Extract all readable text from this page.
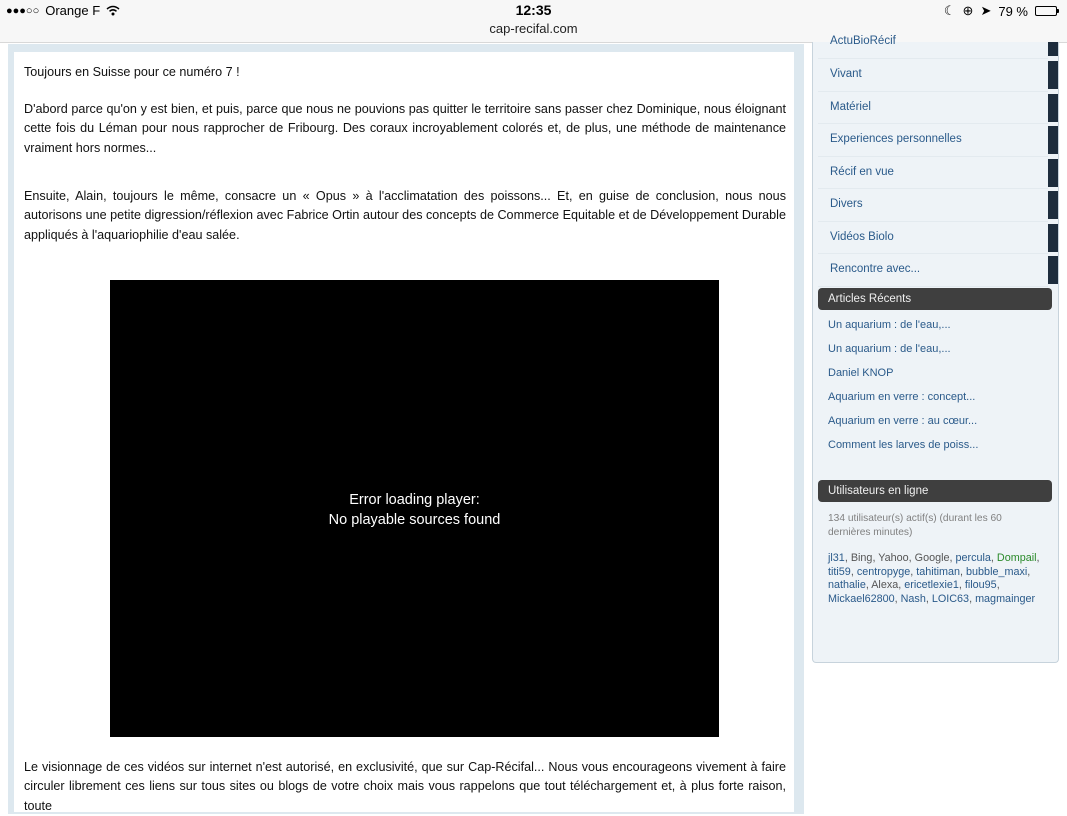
●●●○○ Orange F	12:35
cap-recifal.com
☾ ⊕ ➤ 79 %

Toujours en Suisse pour ce numéro 7 !

D'abord parce qu'on y est bien, et puis, parce que nous ne pouvions pas quitter le territoire sans passer chez Dominique, nous éloignant cette fois du Léman pour nous rapprocher de Fribourg. Des coraux incroyablement colorés et, de plus, une méthode de maintenance vraiment hors normes...

Ensuite, Alain, toujours le même, consacre un « Opus » à l'acclimatation des poissons... Et, en guise de conclusion, nous nous autorisons une petite digression/réflexion avec Fabrice Ortin autour des concepts de Commerce Equitable et de Développement Durable appliqués à l'aquariophilie d'eau salée.

Le visionnage de ces vidéos sur internet n'est autorisé, en exclusivité, que sur Cap-Récifal... Nous vous encourageons vivement à faire circuler librement ces liens sur tous sites ou blogs de votre choix mais vous rappelons que tout téléchargement et, à plus forte raison, toute

Error loading player:
No playable sources found
ActuBioRécif
Vivant
Matériel
Experiences personnelles
Récif en vue
Divers
Vidéos Biolo
Rencontre avec...
Articles Récents
Un aquarium : de l'eau,...
Un aquarium : de l'eau,...
Daniel KNOP
Aquarium en verre : concept...
Aquarium en verre : au cœur...
Comment les larves de poiss...
Utilisateurs en ligne
134 utilisateur(s) actif(s) (durant les 60 dernières minutes)
jl31, Bing, Yahoo, Google, percula, Dompail, titi59, centropyge, tahitiman, bubble_maxi, nathalie, Alexa, ericetlexie1, filou95, Mickael62800, Nash, LOIC63, magmainger
